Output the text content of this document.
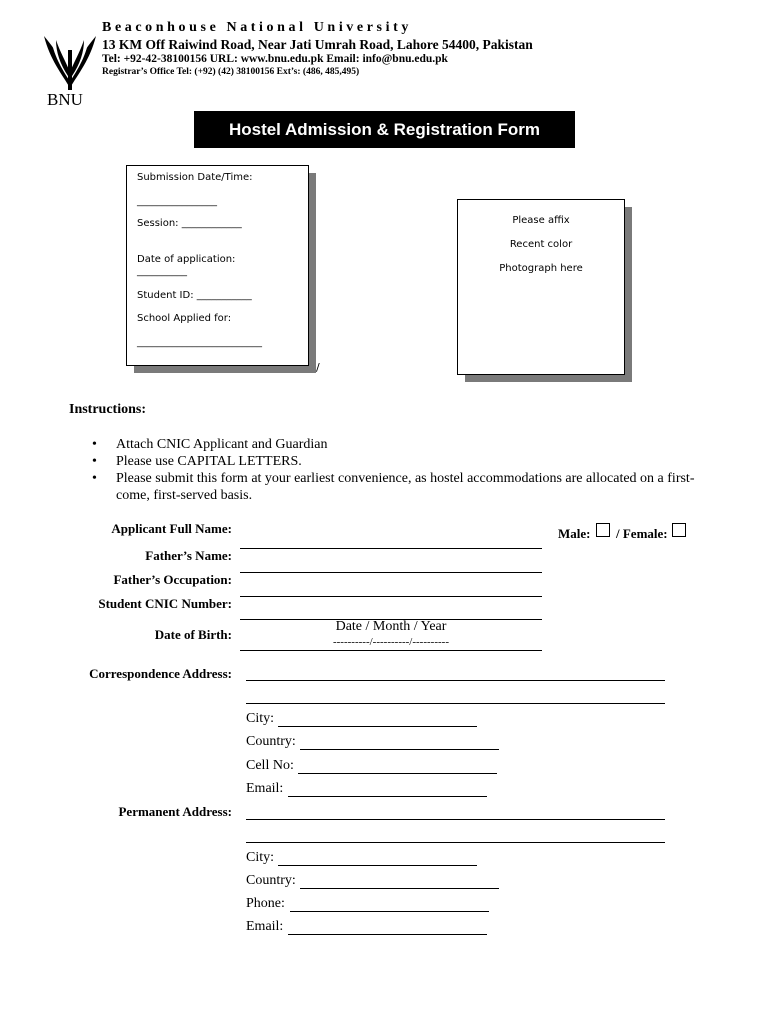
BNU
Beaconhouse National University
13 KM Off Raiwind Road, Near Jati Umrah Road, Lahore 54400, Pakistan
Tel: +92-42-38100156 URL: www.bnu.edu.pk Email: info@bnu.edu.pk
Registrar’s Office Tel: (+92) (42) 38100156 Ext’s: (486, 485,495)
Hostel Admission & Registration Form
Submission Date/Time:
________________
Session: ____________
Date of application:
__________
Student ID: ___________
School Applied for:
_________________________
/
Please affix
Recent color
Photograph here
Instructions:
• Attach CNIC Applicant and Guardian
• Please use CAPITAL LETTERS.
• Please submit this form at your earliest convenience, as hostel accommodations are allocated on a first-come, first-served basis.
Applicant Full Name:	Male: / Female:
Father’s Name:
Father’s Occupation:
Student CNIC Number:
Date of Birth:
Date / Month / Year
----------/----------/----------
Correspondence Address:
City:
Country:
Cell No:
Email:
Permanent Address:
City:
Country:
Phone:
Email:
